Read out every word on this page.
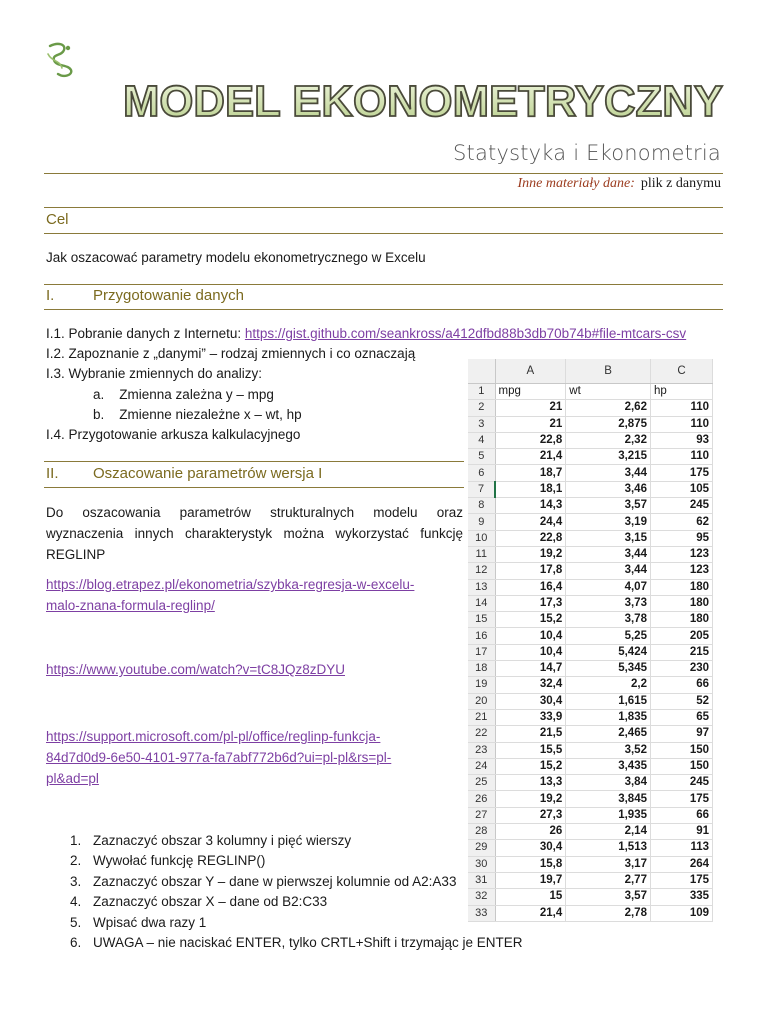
MODEL EKONOMETRYCZNY
Statystyka i Ekonometria
Inne materiały dane: plik z danymu
Cel
Jak oszacować parametry modelu ekonometrycznego w Excelu
I.	Przygotowanie danych
I.1. Pobranie danych z Internetu: https://gist.github.com/seankross/a412dfbd88b3db70b74b#file-mtcars-csv
I.2. Zapoznanie z „danymi” – rodzaj zmiennych i co oznaczają
I.3. Wybranie zmiennych do analizy:
a. Zmienna zależna y – mpg
b. Zmienne niezależne x – wt, hp
I.4. Przygotowanie arkusza kalkulacyjnego
II. Oszacowanie parametrów wersja I
Do oszacowania parametrów strukturalnych modelu oraz wyznaczenia innych charakterystyk można wykorzystać funkcję REGLINP
https://blog.etrapez.pl/ekonometria/szybka-regresja-w-excelu-
malo-znana-formula-reglinp/
https://www.youtube.com/watch?v=tC8JQz8zDYU
https://support.microsoft.com/pl-pl/office/reglinp-funkcja-
84d7d0d9-6e50-4101-977a-fa7abf772b6d?ui=pl-pl&rs=pl-
pl&ad=pl
1. Zaznaczyć obszar 3 kolumny i pięć wierszy
2. Wywołać funkcję REGLINP()
3. Zaznaczyć obszar Y – dane w pierwszej kolumnie od A2:A33
4. Zaznaczyć obszar X – dane od B2:C33
5. Wpisać dwa razy 1
6. UWAGA – nie naciskać ENTER, tylko CRTL+Shift i trzymając je ENTER
	A	B	C
1	mpg	wt	hp
2	21	2,62	110
3	21	2,875	110
4	22,8	2,32	93
5	21,4	3,215	110
6	18,7	3,44	175
7	18,1	3,46	105
8	14,3	3,57	245
9	24,4	3,19	62
10	22,8	3,15	95
11	19,2	3,44	123
12	17,8	3,44	123
13	16,4	4,07	180
14	17,3	3,73	180
15	15,2	3,78	180
16	10,4	5,25	205
17	10,4	5,424	215
18	14,7	5,345	230
19	32,4	2,2	66
20	30,4	1,615	52
21	33,9	1,835	65
22	21,5	2,465	97
23	15,5	3,52	150
24	15,2	3,435	150
25	13,3	3,84	245
26	19,2	3,845	175
27	27,3	1,935	66
28	26	2,14	91
29	30,4	1,513	113
30	15,8	3,17	264
31	19,7	2,77	175
32	15	3,57	335
33	21,4	2,78	109
